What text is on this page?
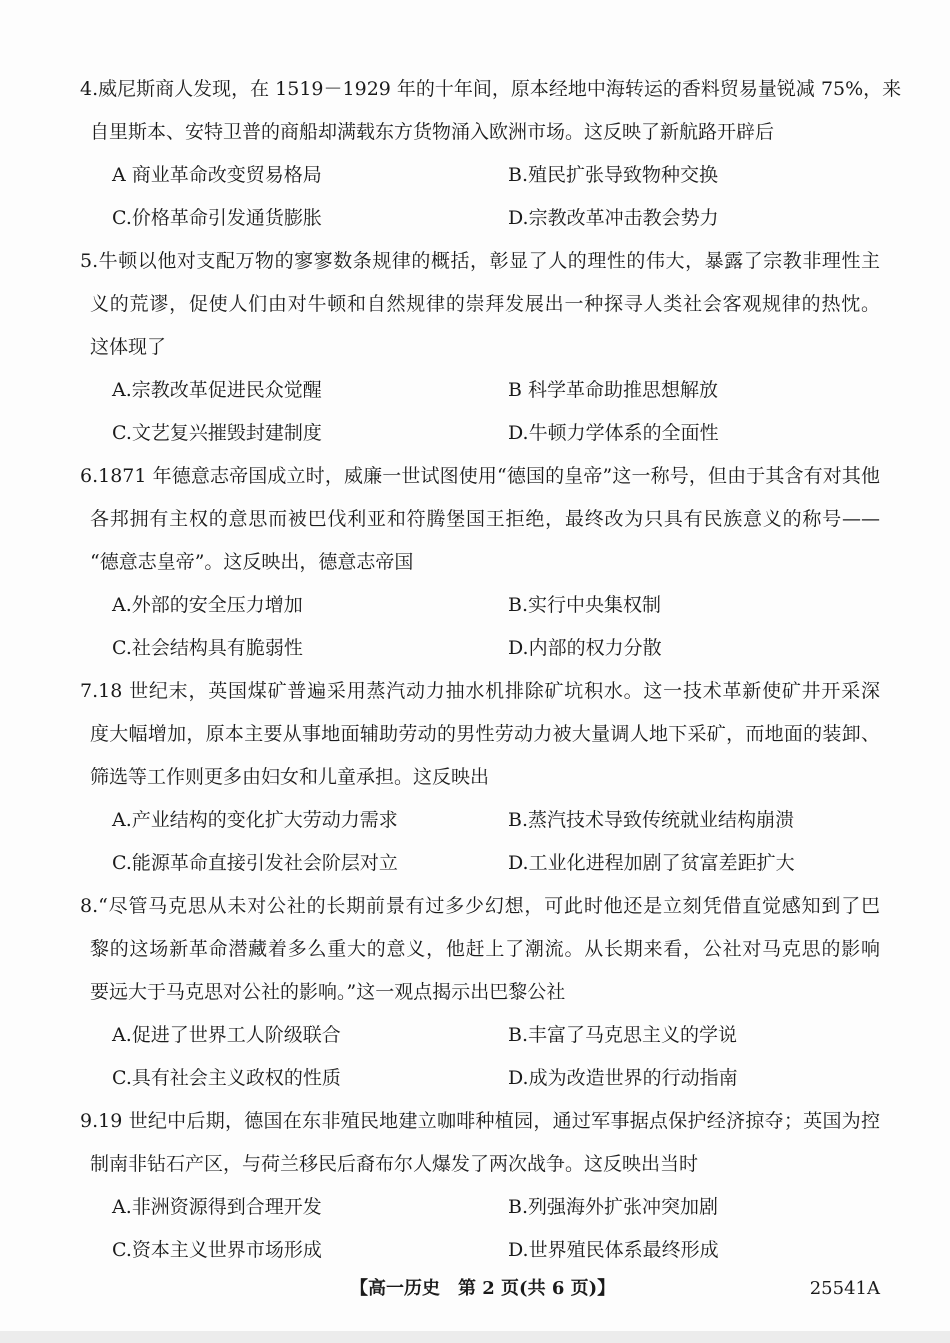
4.威尼斯商人发现，在 1519－1929 年的十年间，原本经地中海转运的香料贸易量锐减 75%，来
自里斯本、安特卫普的商船却满载东方货物涌入欧洲市场。这反映了新航路开辟后
A 商业革命改变贸易格局	B.殖民扩张导致物种交换
C.价格革命引发通货膨胀	D.宗教改革冲击教会势力
5.牛顿以他对支配万物的寥寥数条规律的概括，彰显了人的理性的伟大，暴露了宗教非理性主
义的荒谬，促使人们由对牛顿和自然规律的崇拜发展出一种探寻人类社会客观规律的热忱。
这体现了
A.宗教改革促进民众觉醒	B 科学革命助推思想解放
C.文艺复兴摧毁封建制度	D.牛顿力学体系的全面性
6.1871 年德意志帝国成立时，威廉一世试图使用“德国的皇帝”这一称号，但由于其含有对其他
各邦拥有主权的意思而被巴伐利亚和符腾堡国王拒绝，最终改为只具有民族意义的称号——
“德意志皇帝”。这反映出，德意志帝国
A.外部的安全压力增加	B.实行中央集权制
C.社会结构具有脆弱性	D.内部的权力分散
7.18 世纪末，英国煤矿普遍采用蒸汽动力抽水机排除矿坑积水。这一技术革新使矿井开采深
度大幅增加，原本主要从事地面辅助劳动的男性劳动力被大量调人地下采矿，而地面的装卸、
筛选等工作则更多由妇女和儿童承担。这反映出
A.产业结构的变化扩大劳动力需求	B.蒸汽技术导致传统就业结构崩溃
C.能源革命直接引发社会阶层对立	D.工业化进程加剧了贫富差距扩大
8.“尽管马克思从未对公社的长期前景有过多少幻想，可此时他还是立刻凭借直觉感知到了巴
黎的这场新革命潜藏着多么重大的意义，他赶上了潮流。从长期来看，公社对马克思的影响
要远大于马克思对公社的影响。”这一观点揭示出巴黎公社
A.促进了世界工人阶级联合	B.丰富了马克思主义的学说
C.具有社会主义政权的性质	D.成为改造世界的行动指南
9.19 世纪中后期，德国在东非殖民地建立咖啡种植园，通过军事据点保护经济掠夺；英国为控
制南非钻石产区，与荷兰移民后裔布尔人爆发了两次战争。这反映出当时
A.非洲资源得到合理开发	B.列强海外扩张冲突加剧
C.资本主义世界市场形成	D.世界殖民体系最终形成
【高一历史　第 2 页(共 6 页)】	25541A
